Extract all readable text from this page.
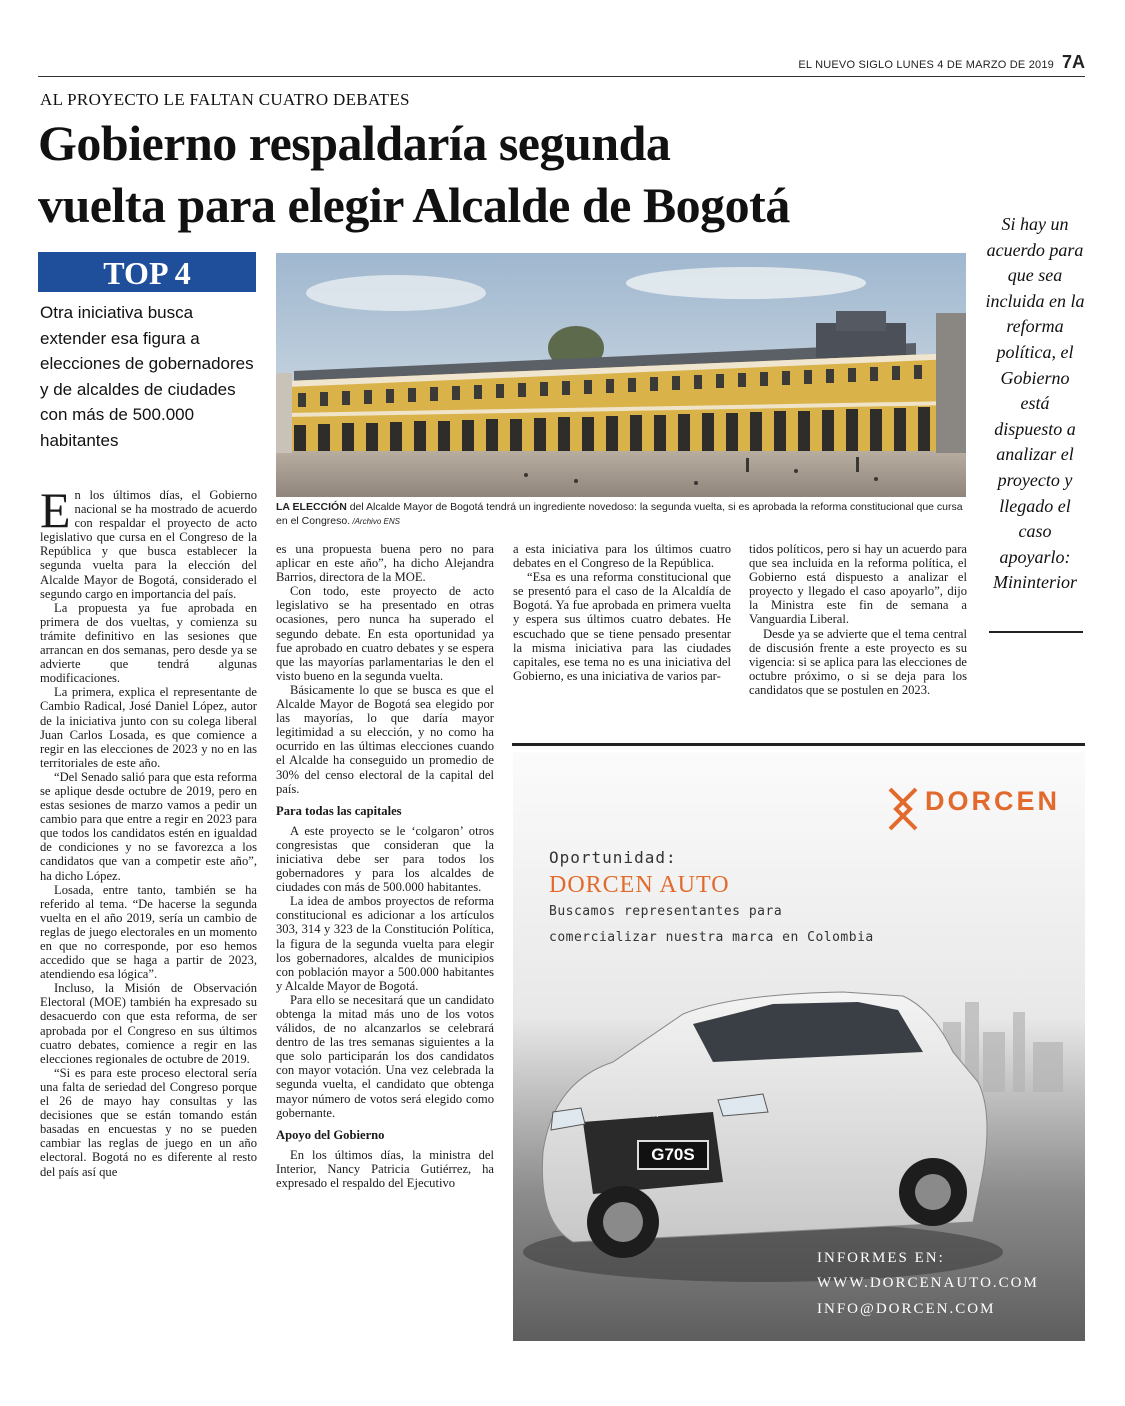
EL NUEVO SIGLO LUNES 4 DE MARZO DE 2019 7A
AL PROYECTO LE FALTAN CUATRO DEBATES
Gobierno respaldaría segunda
vuelta para elegir Alcalde de Bogotá
TOP 4
Otra iniciativa busca extender esa figura a elecciones de gobernadores y de alcaldes de ciudades con más de 500.000 habitantes

En los últimos días, el Gobierno nacional se ha mostrado de acuerdo con respaldar el proyecto de acto legislativo que cursa en el Congreso de la República y que busca establecer la segunda vuelta para la elección del Alcalde Mayor de Bogotá, considerado el segundo cargo en importancia del país.

La propuesta ya fue aprobada en primera de dos vueltas, y comienza su trámite definitivo en las sesiones que arrancan en dos semanas, pero desde ya se advierte que tendrá algunas modificaciones.

La primera, explica el representante de Cambio Radical, José Daniel López, autor de la iniciativa junto con su colega liberal Juan Carlos Losada, es que comience a regir en las elecciones de 2023 y no en las territoriales de este año.

“Del Senado salió para que esta reforma se aplique desde octubre de 2019, pero en estas sesiones de marzo vamos a pedir un cambio para que entre a regir en 2023 para que todos los candidatos estén en igualdad de condiciones y no se favorezca a los candidatos que van a competir este año”, ha dicho López.

Losada, entre tanto, también se ha referido al tema. “De hacerse la segunda vuelta en el año 2019, sería un cambio de reglas de juego electorales en un momento en que no corresponde, por eso hemos accedido que se haga a partir de 2023, atendiendo esa lógica”.

Incluso, la Misión de Observación Electoral (MOE) también ha expresado su desacuerdo con que esta reforma, de ser aprobada por el Congreso en sus últimos cuatro debates, comience a regir en las elecciones regionales de octubre de 2019.

“Si es para este proceso electoral sería una falta de seriedad del Congreso porque el 26 de mayo hay consultas y las decisiones que se están tomando están basadas en encuestas y no se pueden cambiar las reglas de juego en un año electoral. Bogotá no es diferente al resto del país así que

LA ELECCIÓN del Alcalde Mayor de Bogotá tendrá un ingrediente novedoso: la segunda vuelta, si es aprobada la reforma constitucional que cursa en el Congreso. /Archivo ENS

es una propuesta buena pero no para aplicar en este año”, ha dicho Alejandra Barrios, directora de la MOE.

Con todo, este proyecto de acto legislativo se ha presentado en otras ocasiones, pero nunca ha superado el segundo debate. En esta oportunidad ya fue aprobado en cuatro debates y se espera que las mayorías parlamentarias le den el visto bueno en la segunda vuelta.

Básicamente lo que se busca es que el Alcalde Mayor de Bogotá sea elegido por las mayorías, lo que daría mayor legitimidad a su elección, y no como ha ocurrido en las últimas elecciones cuando el Alcalde ha conseguido un promedio de 30% del censo electoral de la capital del país.

Para todas las capitales

A este proyecto se le ‘colgaron’ otros congresistas que consideran que la iniciativa debe ser para todos los gobernadores y para los alcaldes de ciudades con más de 500.000 habitantes.

La idea de ambos proyectos de reforma constitucional es adicionar a los artículos 303, 314 y 323 de la Constitución Política, la figura de la segunda vuelta para elegir los gobernadores, alcaldes de municipios con población mayor a 500.000 habitantes y Alcalde Mayor de Bogotá.

Para ello se necesitará que un candidato obtenga la mitad más uno de los votos válidos, de no alcanzarlos se celebrará dentro de las tres semanas siguientes a la que solo participarán los dos candidatos con mayor votación. Una vez celebrada la segunda vuelta, el candidato que obtenga mayor número de votos será elegido como gobernante.

Apoyo del Gobierno

En los últimos días, la ministra del Interior, Nancy Patricia Gutiérrez, ha expresado el respaldo del Ejecutivo

a esta iniciativa para los últimos cuatro debates en el Congreso de la República.

“Esa es una reforma constitucional que se presentó para el caso de la Alcaldía de Bogotá. Ya fue aprobada en primera vuelta y espera sus últimos cuatro debates. He escuchado que se tiene pensado presentar la misma iniciativa para las ciudades capitales, ese tema no es una iniciativa del Gobierno, es una iniciativa de varios par-

tidos políticos, pero si hay un acuerdo para que sea incluida en la reforma política, el Gobierno está dispuesto a analizar el proyecto y llegado el caso apoyarlo”, dijo la Ministra este fin de semana a Vanguardia Liberal.

Desde ya se advierte que el tema central de discusión frente a este proyecto es su vigencia: si se aplica para las elecciones de octubre próximo, o si se deja para los candidatos que se postulen en 2023.

Si hay un acuerdo para que sea incluida en la reforma política, el Gobierno está dispuesto a analizar el proyecto y llegado el caso apoyarlo: Mininterior
DORCEN
Oportunidad:
DORCEN AUTO
Buscamos representantes para
comercializar nuestra marca en Colombia
DORCEN
G70S
INFORMES EN:
WWW.DORCENAUTO.COM
INFO@DORCEN.COM
